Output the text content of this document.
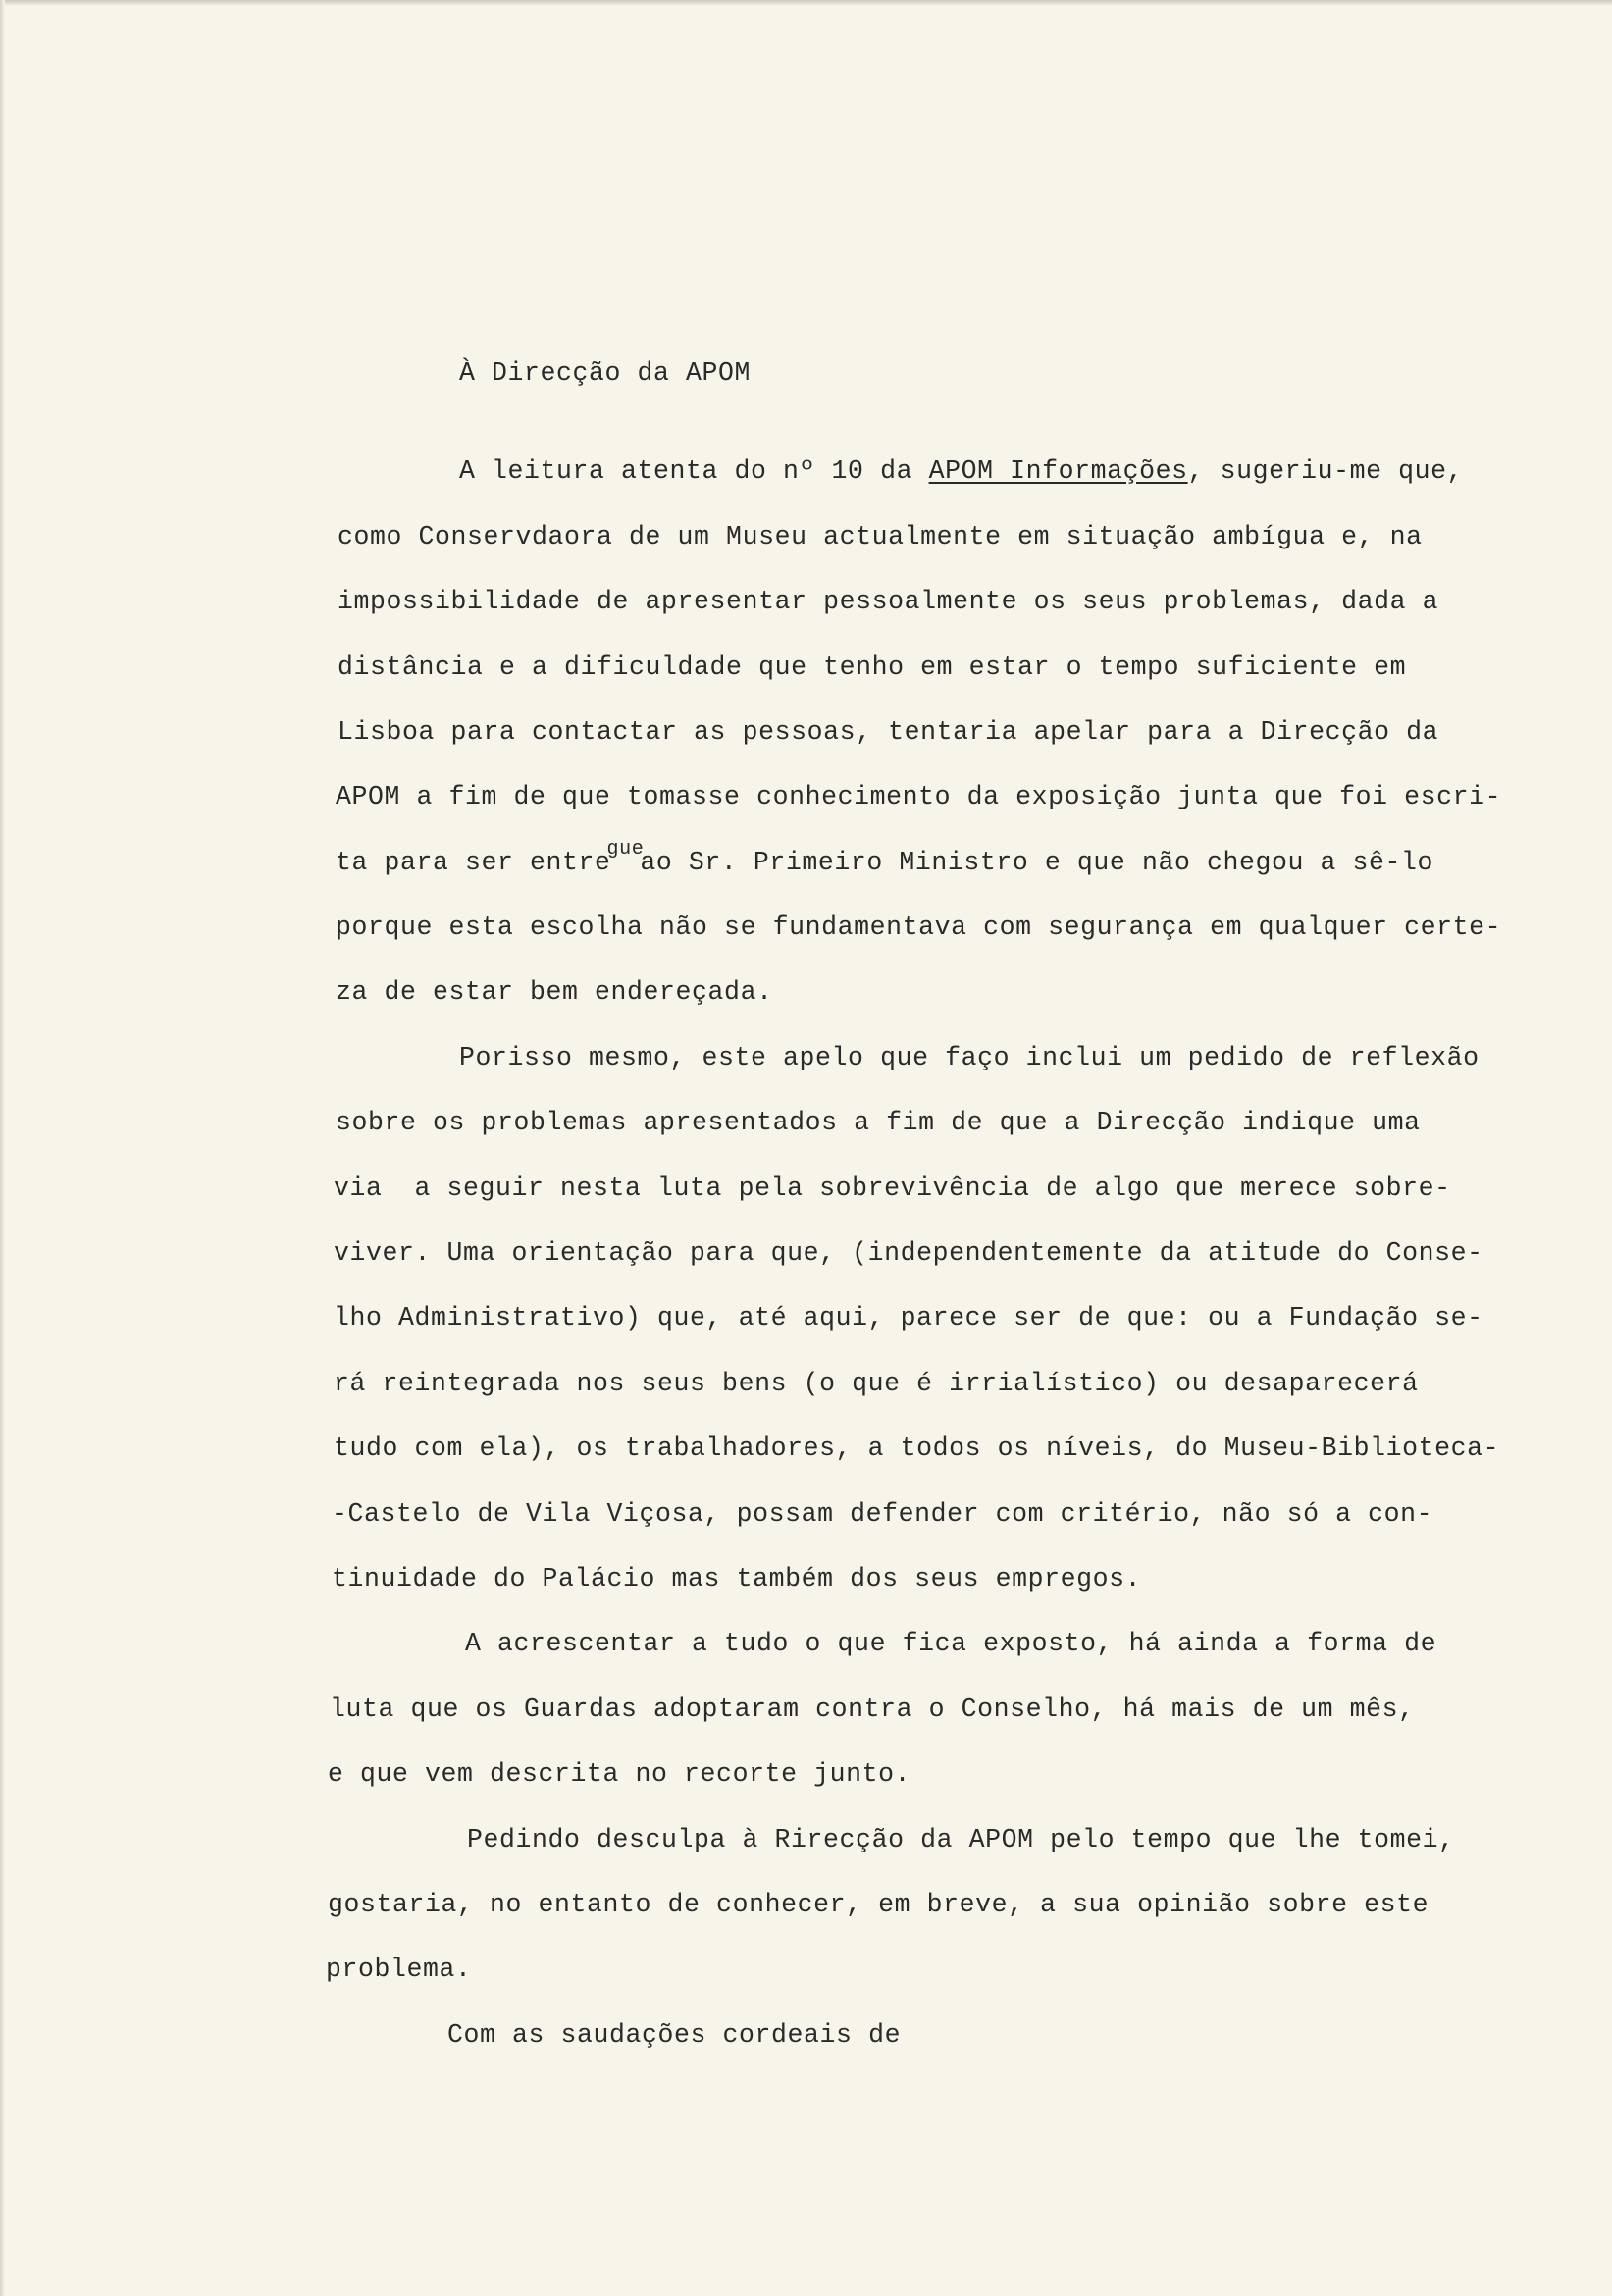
À Direcção da APOM
A leitura atenta do nº 10 da APOM Informações, sugeriu-me que,
como Conservdaora de um Museu actualmente em situação ambígua e, na
impossibilidade de apresentar pessoalmente os seus problemas, dada a
distância e a dificuldade que tenho em estar o tempo suficiente em
Lisboa para contactar as pessoas, tentaria apelar para a Direcção da
APOM a fim de que tomasse conhecimento da exposição junta que foi escri-
ta para ser entre$^{gue}$ao Sr. Primeiro Ministro e que não chegou a sê-lo
porque esta escolha não se fundamentava com segurança em qualquer certe-
za de estar bem endereçada.
Porisso mesmo, este apelo que faço inclui um pedido de reflexão
sobre os problemas apresentados a fim de que a Direcção indique uma
via  a seguir nesta luta pela sobrevivência de algo que merece sobre-
viver. Uma orientação para que, (independentemente da atitude do Conse-
lho Administrativo) que, até aqui, parece ser de que: ou a Fundação se-
rá reintegrada nos seus bens (o que é irrialístico) ou desaparecerá
tudo com ela), os trabalhadores, a todos os níveis, do Museu-Biblioteca-
-Castelo de Vila Viçosa, possam defender com critério, não só a con-
tinuidade do Palácio mas também dos seus empregos.
A acrescentar a tudo o que fica exposto, há ainda a forma de
luta que os Guardas adoptaram contra o Conselho, há mais de um mês,
e que vem descrita no recorte junto.
Pedindo desculpa à Rirecção da APOM pelo tempo que lhe tomei,
gostaria, no entanto de conhecer, em breve, a sua opinião sobre este
problema.
Com as saudações cordeais de
